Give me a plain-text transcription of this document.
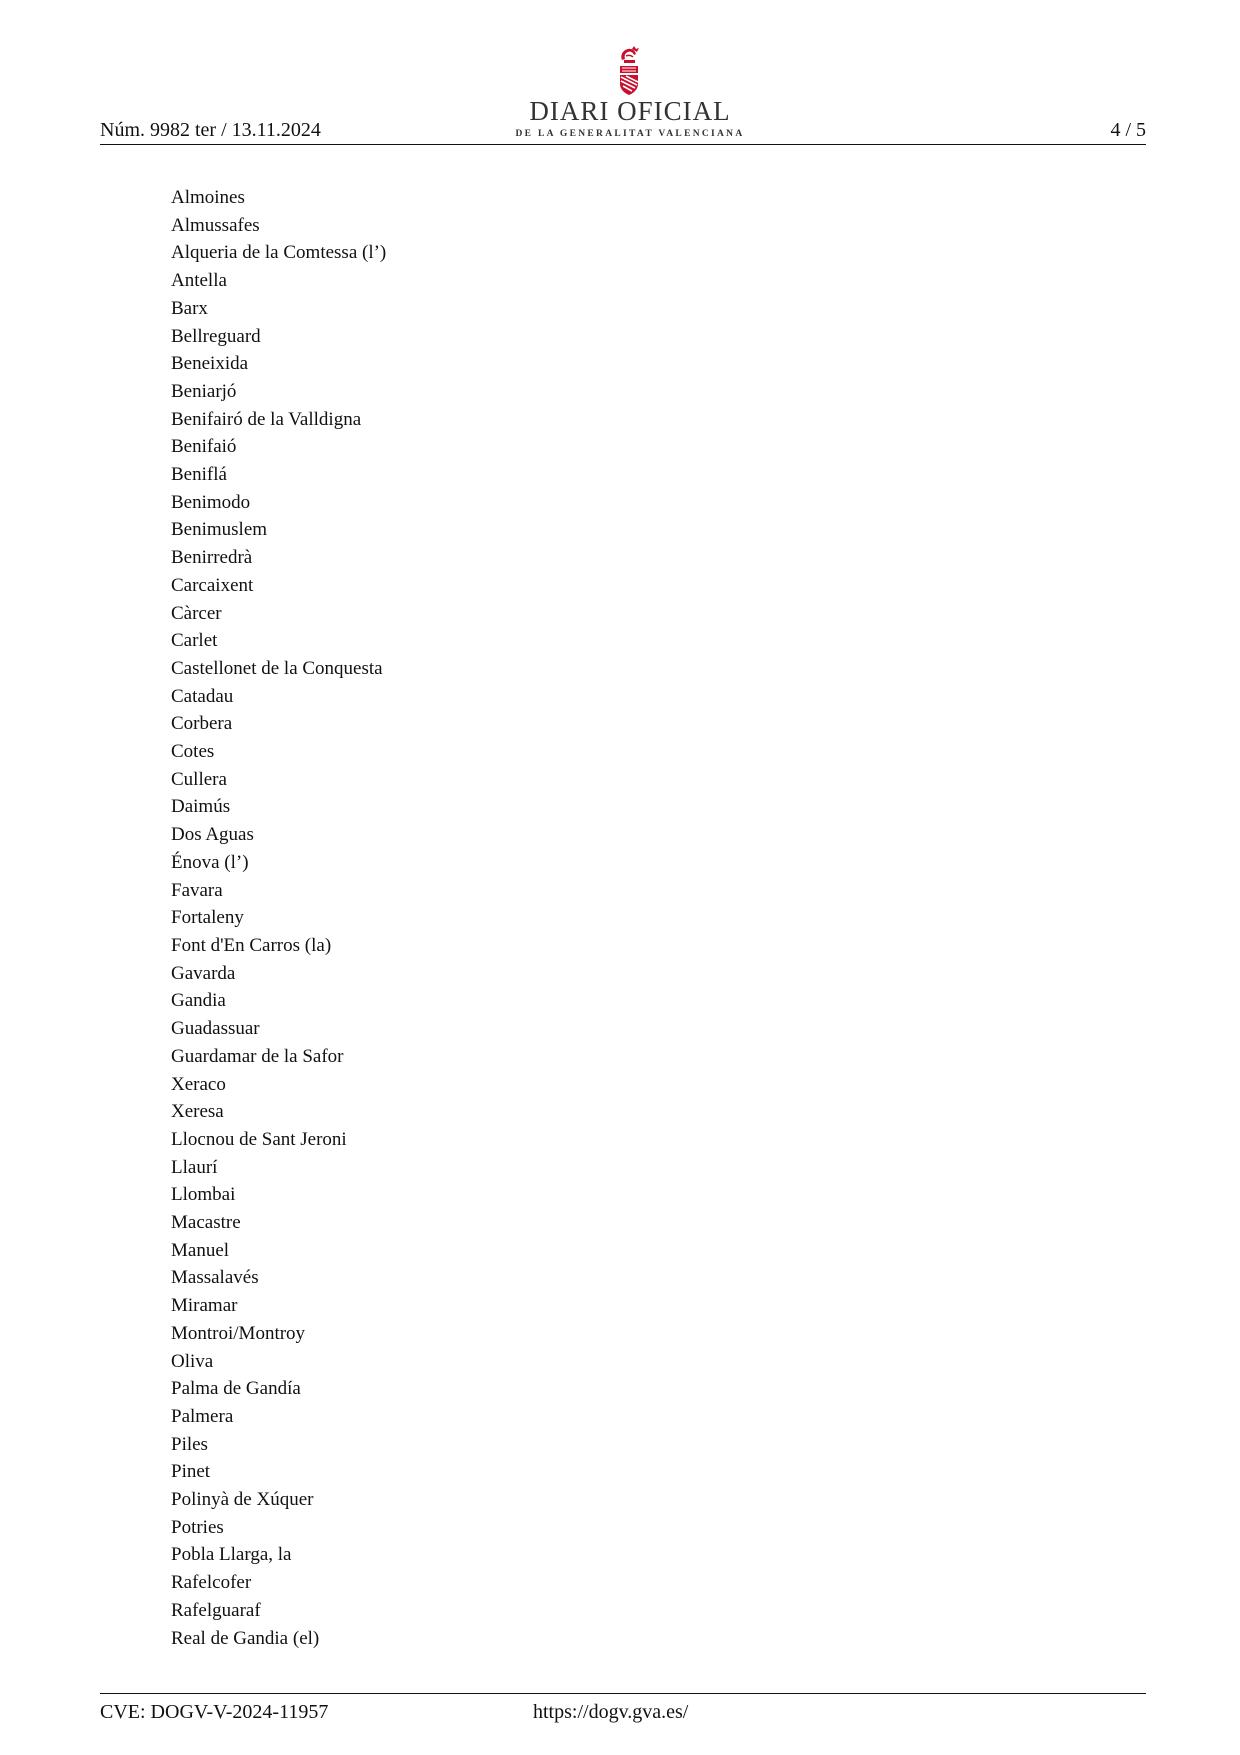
Núm. 9982 ter / 13.11.2024
DIARI OFICIAL
DE LA GENERALITAT VALENCIANA	4 / 5
Almoines
Almussafes
Alqueria de la Comtessa (l’)
Antella
Barx
Bellreguard
Beneixida
Beniarjó
Benifairó de la Valldigna
Benifaió
Beniflá
Benimodo
Benimuslem
Benirredrà
Carcaixent
Càrcer
Carlet
Castellonet de la Conquesta
Catadau
Corbera
Cotes
Cullera
Daimús
Dos Aguas
Énova (l’)
Favara
Fortaleny
Font d'En Carros (la)
Gavarda
Gandia
Guadassuar
Guardamar de la Safor
Xeraco
Xeresa
Llocnou de Sant Jeroni
Llaurí
Llombai
Macastre
Manuel
Massalavés
Miramar
Montroi/Montroy
Oliva
Palma de Gandía
Palmera
Piles
Pinet
Polinyà de Xúquer
Potries
Pobla Llarga, la
Rafelcofer
Rafelguaraf
Real de Gandia (el)
CVE: DOGV-V-2024-11957	https://dogv.gva.es/
